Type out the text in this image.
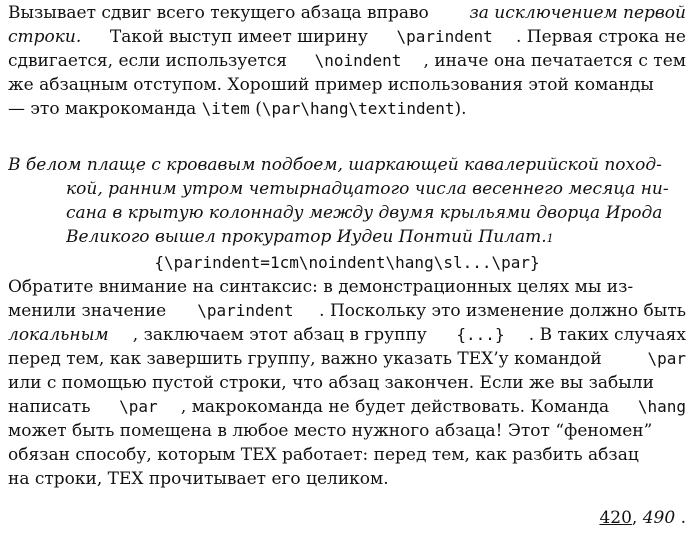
Вызывает сдвиг всего текущего абзаца вправо за исключением первой
строки. Такой выступ имеет ширину \parindent . Первая строка не
сдвигается, если используется \noindent , иначе она печатается с тем
же абзацным отступом. Хороший пример использования этой команды
— это макрокоманда \item ( \par\hang\textindent ).
В белом плаще с кровавым подбоем, шаркающей кавалерийской поход-
кой, ранним утром четырнадцатого числа весеннего месяца ни-
сана в крытую колоннаду между двумя крыльями дворца Ирода
Великого вышел прокуратор Иудеи Понтий Пилат. 1
{\parindent=1cm\noindent\hang\sl...\par}
Обратите внимание на синтаксис: в демонстрационных целях мы из-
менили значение \parindent . Поскольку это изменение должно быть
локальным , заключаем этот абзац в группу {...} . В таких случаях
перед тем, как завершить группу, важно указать TEX’у командой	\par
или с помощью пустой строки, что абзац закончен. Если же вы забыли
написать \par , макрокоманда не будет действовать. Команда \hang
может быть помещена в любое место нужного абзаца! Этот “феномен”
обязан способу, которым TEX работает: перед тем, как разбить абзац
на строки, TEX прочитывает его целиком.
420, 490 .
